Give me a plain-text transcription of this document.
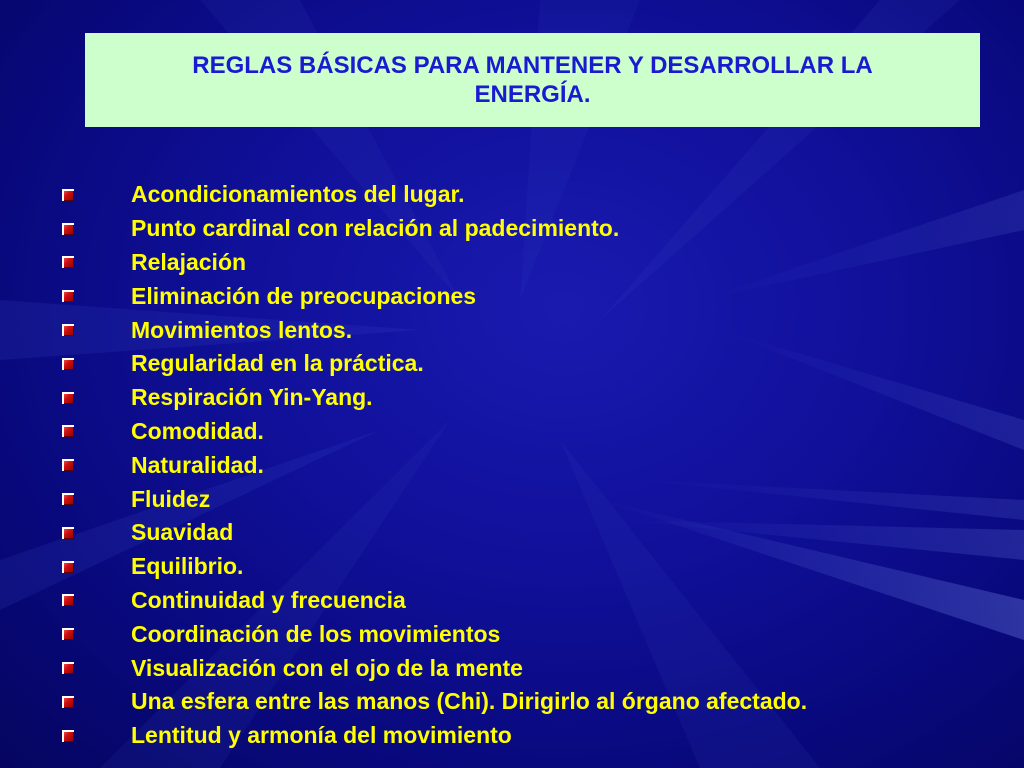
REGLAS BÁSICAS PARA MANTENER Y DESARROLLAR LA
ENERGÍA.
Acondicionamientos del lugar.
Punto cardinal con relación al padecimiento.
Relajación
Eliminación de preocupaciones
Movimientos lentos.
Regularidad en la práctica.
Respiración Yin-Yang.
Comodidad.
Naturalidad.
Fluidez
Suavidad
Equilibrio.
Continuidad y frecuencia
Coordinación de los movimientos
Visualización con el ojo de la mente
Una esfera entre las manos (Chi). Dirigirlo al órgano afectado.
Lentitud y armonía del movimiento
